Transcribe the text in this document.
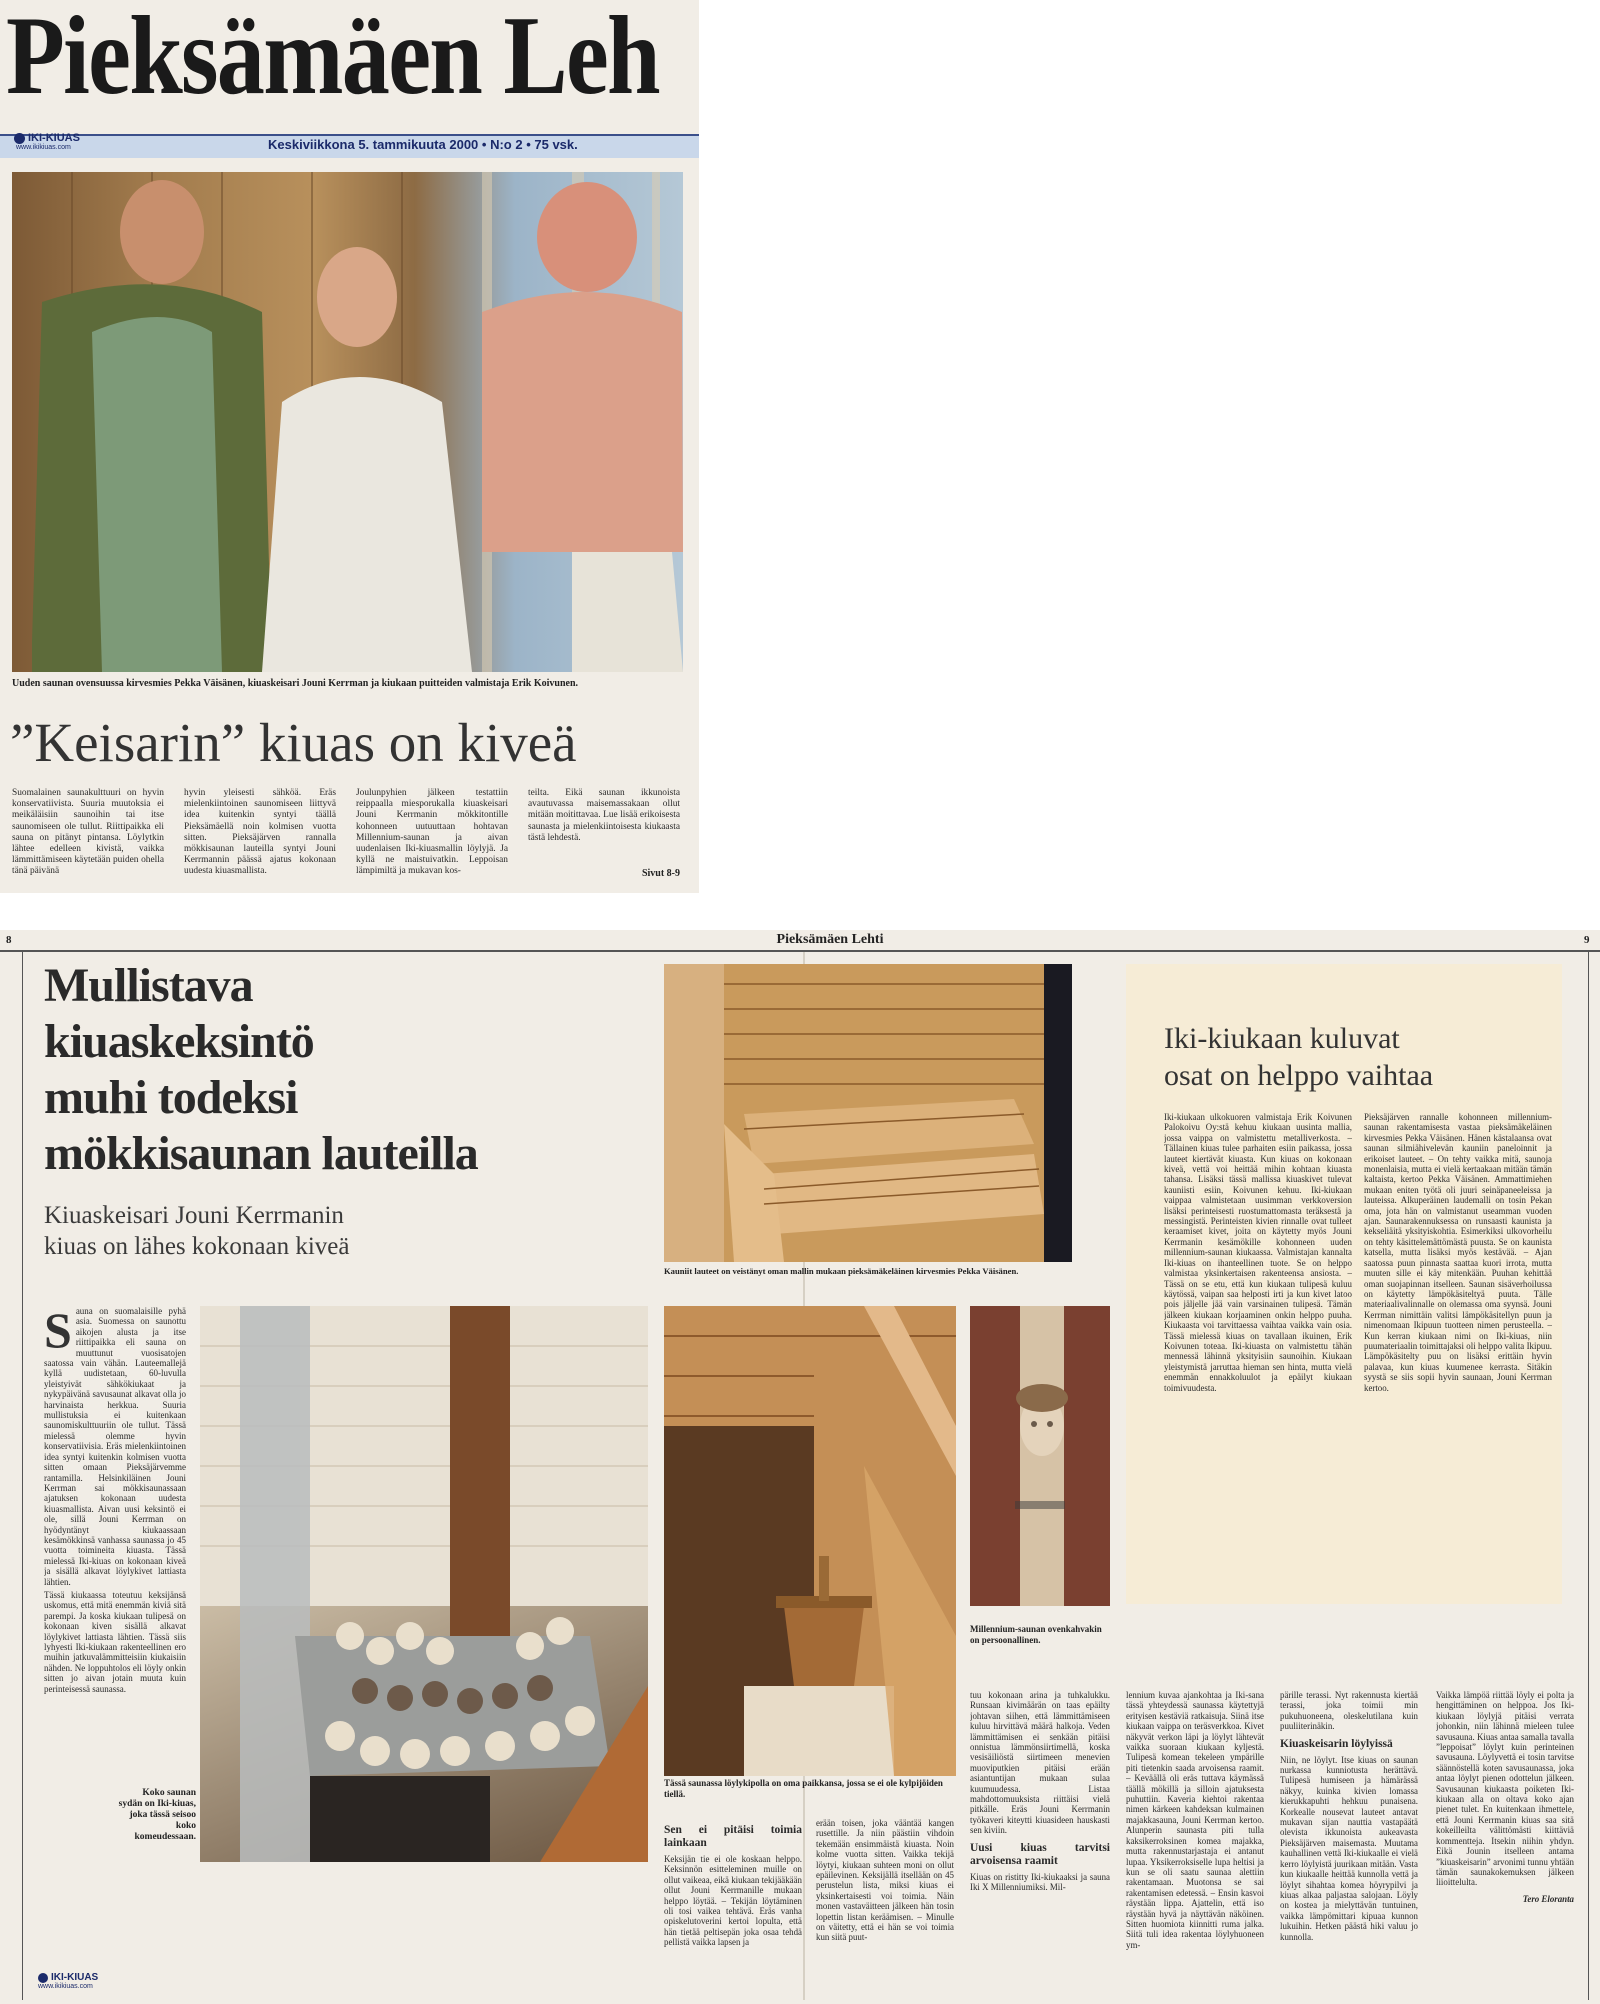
Pieksämäen Leh
IKI-KIUAS
www.ikikiuas.com	Keskiviikkona 5. tammikuuta 2000 • N:o 2 • 75 vsk.
Uuden saunan ovensuussa kirvesmies Pekka Väisänen, kiuaskeisari Jouni Kerrman ja kiukaan puitteiden valmistaja Erik Koivunen.
”Keisarin” kiuas on kiveä
Suomalainen saunakulttuuri on hyvin konservatiivista. Suuria muutoksia ei meikäläisiin saunoihin tai itse saunomiseen ole tullut. Riittipaikka eli sauna on pitänyt pintansa. Löylytkin lähtee edelleen kivistä, vaikka lämmittämiseen käytetään puiden ohella tänä päivänä
hyvin yleisesti sähköä. Eräs mielenkiintoinen saunomiseen liittyvä idea kuitenkin syntyi täällä Pieksämäellä noin kolmisen vuotta sitten. Pieksäjärven rannalla mökkisaunan lauteilla syntyi Jouni Kerrmannin päässä ajatus kokonaan uudesta kiuasmallista.
Joulunpyhien jälkeen testattiin reippaalla miesporukalla kiuaskeisari Jouni Kerrmanin mökkitontille kohonneen uutuuttaan hohtavan Millennium-saunan ja aivan uudenlaisen Iki-kiuasmallin löylyjä. Ja kyllä ne maistuivatkin. Leppoisan lämpimiltä ja mukavan kos-
teilta. Eikä saunan ikkunoista avautuvassa maisemassakaan ollut mitään moitittavaa. Lue lisää erikoisesta saunasta ja mielenkiintoisesta kiukaasta tästä lehdestä.
Sivut 8-9
8	Pieksämäen Lehti	9
Mullistava
kiuaskeksintö
muhi todeksi
mökkisaunan lauteilla
Kiuaskeisari Jouni Kerrmanin
kiuas on lähes kokonaan kiveä
S auna on suomalaisille pyhä asia. Suomessa on saunottu aikojen alusta ja itse riittipaikka eli sauna on muuttunut vuosisatojen saatossa vain vähän. Lauteemallejä kyllä uudistetaan, 60-luvulla yleistyivät sähkökiukaat ja nykypäivänä savusaunat alkavat olla jo harvinaista herkkua. Suuria mullistuksia ei kuitenkaan saunomiskulttuuriin ole tullut. Tässä mielessä olemme hyvin konservatiivisia. Eräs mielenkiintoinen idea syntyi kuitenkin kolmisen vuotta sitten omaan Pieksäjärvemme rantamilla. Helsinkiläinen Jouni Kerrman sai mökkisaunassaan ajatuksen kokonaan uudesta kiuasmallista. Aivan uusi keksintö ei ole, sillä Jouni Kerrman on hyödyntänyt kiukaassaan kesämökkinsä vanhassa saunassa jo 45 vuotta toimineita kiuasta. Tässä mielessä Iki-kiuas on kokonaan kiveä ja sisällä alkavat löylykivet lattiasta lähtien.

Tässä kiukaassa toteutuu keksijänsä uskomus, että mitä enemmän kiviä sitä parempi. Ja koska kiukaan tulipesä on kokonaan kiven sisällä alkavat löylykivet lattiasta lähtien. Tässä siis lyhyesti Iki-kiukaan rakenteellinen ero muihin jatkuvalämmitteisiin kiukaisiin nähden. Ne loppuhtolos eli löyly onkin sitten jo aivan jotain muuta kuin perinteisessä saunassa.

Koko saunan sydän on Iki-kiuas, joka tässä seisoo koko komeudessaan.
IKI-KIUAS
www.ikikiuas.com
Kauniit lauteet on veistänyt oman mallin mukaan pieksämäkeläinen kirvesmies Pekka Väisänen.
Tässä saunassa löylykipolla on oma paikkansa, jossa se ei ole kylpijöiden tiellä.
Millennium-saunan ovenkahvakin on persoonallinen.
Iki-kiukaan kuluvat
osat on helppo vaihtaa
Iki-kiukaan ulkokuoren valmistaja Erik Koivunen Palokoivu Oy:stä kehuu kiukaan uusinta mallia, jossa vaippa on valmistettu metalliverkosta. – Tällainen kiuas tulee parhaiten esiin paikassa, jossa lauteet kiertävät kiuasta. Kun kiuas on kokonaan kiveä, vettä voi heittää mihin kohtaan kiuasta tahansa. Lisäksi tässä mallissa kiuaskivet tulevat kauniisti esiin, Koivunen kehuu. Iki-kiukaan vaippaa valmistetaan uusimman verkkoversion lisäksi perinteisesti ruostumattomasta teräksestä ja messingistä. Perinteisten kivien rinnalle ovat tulleet keraamiset kivet, joita on käytetty myös Jouni Kerrmanin kesämökille kohonneen uuden millennium-saunan kiukaassa. Valmistajan kannalta Iki-kiuas on ihanteellinen tuote. Se on helppo valmistaa yksinkertaisen rakenteensa ansiosta. – Tässä on se etu, että kun kiukaan tulipesä kuluu käytössä, vaipan saa helposti irti ja kun kivet latoo pois jäljelle jää vain varsinainen tulipesä. Tämän jälkeen kiukaan korjaaminen onkin helppo puuha. Kiukaasta voi tarvittaessa vaihtaa vaikka vain osia. Tässä mielessä kiuas on tavallaan ikuinen, Erik Koivunen toteaa. Iki-kiuasta on valmistettu tähän mennessä lähinnä yksityisiin saunoihin. Kiukaan yleistymistä jarruttaa hieman sen hinta, mutta vielä enemmän ennakkoluulot ja epäilyt kiukaan toimivuudesta.
Pieksäjärven rannalle kohonneen millennium-saunan rakentamisesta vastaa pieksämäkeläinen kirvesmies Pekka Väisänen. Hänen kästalaansa ovat saunan silmiähivelevän kauniin paneloinnit ja erikoiset lauteet. – On tehty vaikka mitä, saunoja monenlaisia, mutta ei vielä kertaakaan mitään tämän kaltaista, kertoo Pekka Väisänen. Ammattimiehen mukaan eniten työtä oli juuri seinäpaneeleissa ja lauteissa. Alkuperäinen laudemalli on tosin Pekan oma, jota hän on valmistanut useamman vuoden ajan. Saunarakennuksessa on runsaasti kaunista ja kekseliäitä yksityiskohtia. Esimerkiksi ulkovorheilu on tehty käsittelemättömästä puusta. Se on kaunista katsella, mutta lisäksi myös kestävää. – Ajan saatossa puun pinnasta saattaa kuori irrota, mutta muuten sille ei käy mitenkään. Puuhan kehittää oman suojapinnan itselleen. Saunan sisäverhoilussa on käytetty lämpökäsiteltyä puuta. Tälle materiaalivalinnalle on olemassa oma syynsä. Jouni Kerrman nimittäin valitsi lämpökäsitellyn puun ja nimenomaan Ikipuun tuotteen nimen perusteella. – Kun kerran kiukaan nimi on Iki-kiuas, niin puumateriaalin toimittajaksi oli helppo valita Ikipuu. Lämpökäsitelty puu on lisäksi erittäin hyvin palavaa, kun kiuas kuumenee kerrasta. Sitäkin syystä se siis sopii hyvin saunaan, Jouni Kerrman kertoo.
Sen ei pitäisi toimia lainkaan

Keksijän tie ei ole koskaan helppo. Keksinnön esitteleminen muille on ollut vaikeaa, eikä kiukaan tekijääkään ollut Jouni Kerrmanille mukaan helppo löytää. – Tekijän löytäminen oli tosi vaikea tehtävä. Eräs vanha opiskelutoverini kertoi lopulta, että hän tietää peltisepän joka osaa tehdä pellistä vaikka lapsen ja

erään toisen, joka vääntää kangen rusettille. Ja niin päästiin vihdoin tekemään ensimmäistä kiuasta. Noin kolme vuotta sitten. Vaikka tekijä löytyi, kiukaan suhteen moni on ollut epäilevinen. Keksijällä itsellään on 45 perustelun lista, miksi kiuas ei yksinkertaisesti voi toimia. Näin monen vastaväitteen jälkeen hän tosin lopettin listan keräämisen. – Minulle on väitetty, että ei hän se voi toimia kun siitä puut-

tuu kokonaan arina ja tuhkalukku. Runsaan kivimäärän on taas epäilty johtavan siihen, että lämmittämiseen kuluu hirvittävä määrä halkoja. Veden lämmittämisen ei senkään pitäisi onnistua lämmönsiirtimellä, koska vesisäiliöstä siirtimeen menevien muoviputkien pitäisi erään asiantuntijan mukaan sulaa kuumuudessa. Listaa mahdottomuuksista riittäisi vielä pitkälle. Eräs Jouni Kerrmanin työkaveri kiteytti kiuasideen hauskasti sen kiviin.

Uusi kiuas tarvitsi arvoisensa raamit

Kiuas on ristitty Iki-kiukaaksi ja sauna Iki X Millenniumiksi. Mil-

lennium kuvaa ajankohtaa ja Iki-sana tässä yhteydessä saunassa käytettyjä erityisen kestäviä ratkaisuja. Siinä itse kiukaan vaippa on teräsverkkoa. Kivet näkyvät verkon läpi ja löylyt lähtevät vaikka suoraan kiukaan kyljestä. Tulipesä komean tekeleen ympärille piti tietenkin saada arvoisensa raamit. – Keväällä oli eräs tuttava käymässä täällä mökillä ja silloin ajatuksesta puhuttiin. Kaveria kiehtoi rakentaa nimen kärkeen kahdeksan kulmainen majakkasauna, Jouni Kerrman kertoo. Alunperin saunasta piti tulla kaksikerroksinen komea majakka, mutta rakennustarjastaja ei antanut lupaa. Yksikerroksiselle lupa heltisi ja kun se oli saatu saunaa alettiin rakentamaan. Muotonsa se sai rakentamisen edetessä. – Ensin kasvoi räystään lippa. Ajattelin, että iso räystään hyvä ja näyttävän näköinen. Sitten huomiota kiinnitti ruma jalka. Siitä tuli idea rakentaa löylyhuoneen ym-

pärille terassi. Nyt rakennusta kiertää terassi, joka toimii min pukuhuoneena, oleskelutilana kuin puuliiterinäkin.

Kiuaskeisarin löylyissä

Niin, ne löylyt. Itse kiuas on saunan nurkassa kunniotusta herättävä. Tulipesä humiseen ja hämärässä näkyy, kuinka kivien lomassa kierukkapuhti hehkuu punaisena. Korkealle nousevat lauteet antavat mukavan sijan nauttia vastapäätä olevista ikkunoista aukeavasta Pieksäjärven maisemasta. Muutama kauhallinen vettä Iki-kiukaalle ei vielä kerro löylyistä juurikaan mitään. Vasta kun kiukaalle heittää kunnolla vettä ja löylyt sihahtaa komea höyrypilvi ja kiuas alkaa paljastaa salojaan. Löyly on kostea ja mielyttävän tuntuinen, vaikka lämpömittari kipuaa kunnon lukuihin. Hetken päästä hiki valuu jo kunnolla.

Vaikka lämpöä riittää löyly ei polta ja hengittäminen on helppoa. Jos Iki-kiukaan löylyjä pitäisi verrata johonkin, niin lähinnä mieleen tulee savusauna. Kiuas antaa samalla tavalla ”leppoisat” löylyt kuin perinteinen savusauna. Löylyvettä ei tosin tarvitse säännöstellä koten savusaunassa, joka antaa löylyt pienen odottelun jälkeen. Savusaunan kiukaasta poiketen Iki-kiukaan alla on oltava koko ajan pienet tulet. En kuitenkaan ihmettele, että Jouni Kerrmanin kiuas saa sitä kokeilleilta välittömästi kiittäviä kommentteja. Itsekin niihin yhdyn. Eikä Jounin itselleen antama ”kiuaskeisarin” arvonimi tunnu yhtään tämän saunakokemuksen jälkeen liioittelulta.

Tero Eloranta
